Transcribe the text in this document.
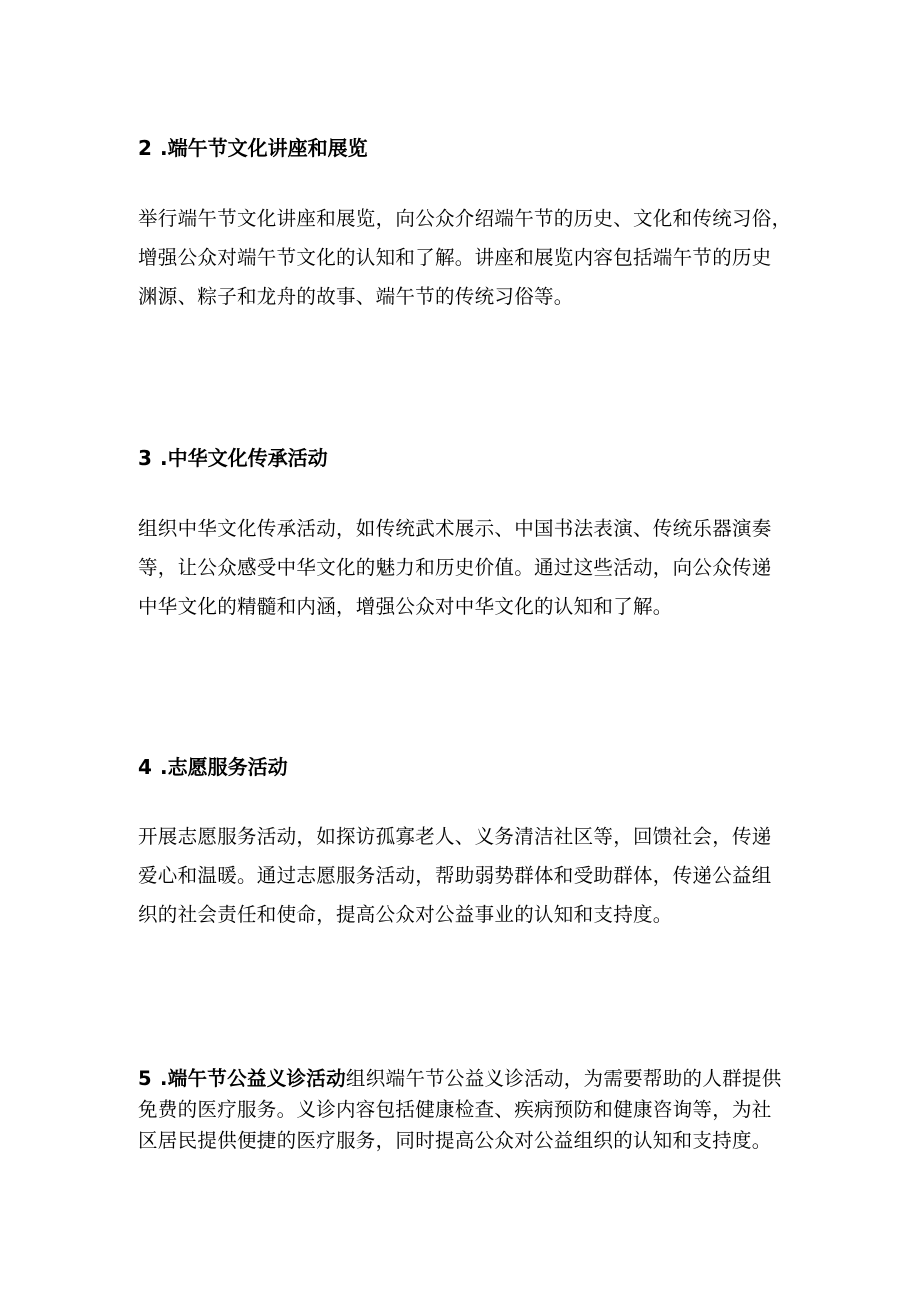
2 .端午节文化讲座和展览
举行端午节文化讲座和展览，向公众介绍端午节的历史、文化和传统习俗，
增强公众对端午节文化的认知和了解。讲座和展览内容包括端午节的历史
渊源、粽子和龙舟的故事、端午节的传统习俗等。
3 .中华文化传承活动
组织中华文化传承活动，如传统武术展示、中国书法表演、传统乐器演奏
等，让公众感受中华文化的魅力和历史价值。通过这些活动，向公众传递
中华文化的精髓和内涵，增强公众对中华文化的认知和了解。
4 .志愿服务活动
开展志愿服务活动，如探访孤寡老人、义务清洁社区等，回馈社会，传递
爱心和温暖。通过志愿服务活动，帮助弱势群体和受助群体，传递公益组
织的社会责任和使命，提高公众对公益事业的认知和支持度。
5 .端午节公益义诊活动组织端午节公益义诊活动，为需要帮助的人群提供
免费的医疗服务。义诊内容包括健康检查、疾病预防和健康咨询等，为社
区居民提供便捷的医疗服务，同时提高公众对公益组织的认知和支持度。
